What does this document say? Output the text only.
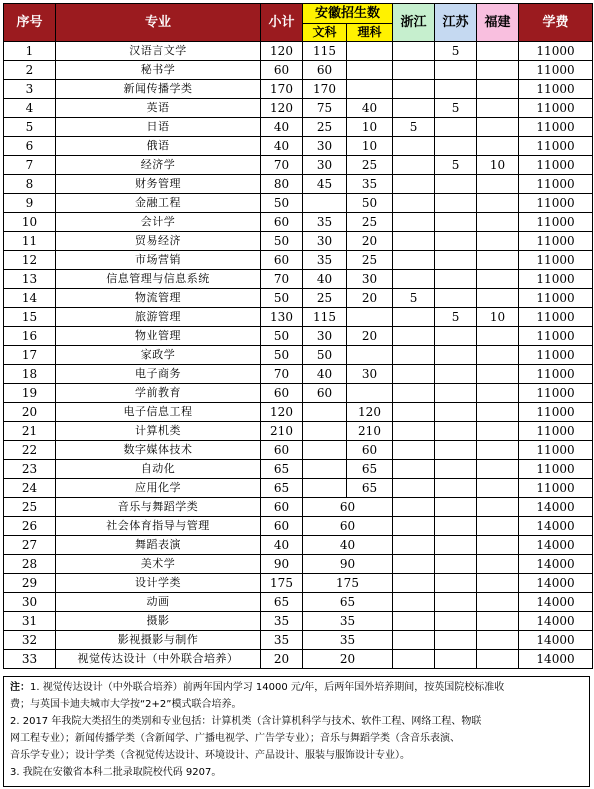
序号	专业	小计	安徽招生数		浙江	江苏	福建	学费
			文科	理科				
1	汉语言文学	120	115			5		11000
2	秘书学	60	60					11000
3	新闻传播学类	170	170					11000
4	英语	120	75	40		5		11000
5	日语	40	25	10	5			11000
6	俄语	40	30	10				11000
7	经济学	70	30	25		5	10	11000
8	财务管理	80	45	35				11000
9	金融工程	50		50				11000
10	会计学	60	35	25				11000
11	贸易经济	50	30	20				11000
12	市场营销	60	35	25				11000
13	信息管理与信息系统	70	40	30				11000
14	物流管理	50	25	20	5			11000
15	旅游管理	130	115			5	10	11000
16	物业管理	50	30	20				11000
17	家政学	50	50					11000
18	电子商务	70	40	30				11000
19	学前教育	60	60					11000
20	电子信息工程	120		120				11000
21	计算机类	210		210				11000
22	数字媒体技术	60		60				11000
23	自动化	65		65				11000
24	应用化学	65		65				11000
25	音乐与舞蹈学类	60	60					14000
26	社会体育指导与管理	60	60					14000
27	舞蹈表演	40	40					14000
28	美术学	90	90					14000
29	设计学类	175	175					14000
30	动画	65	65					14000
31	摄影	35	35					14000
32	影视摄影与制作	35	35					14000
33	视觉传达设计（中外联合培养）	20	20					14000

注：1. 视觉传达设计（中外联合培养）前两年国内学习 14000 元/年，后两年国外培养期间，按英国院校标准收

费；与英国卡迪夫城市大学按“2+2”模式联合培养。

2. 2017 年我院大类招生的类别和专业包括：计算机类（含计算机科学与技术、软件工程、网络工程、物联

网工程专业）；新闻传播学类（含新闻学、广播电视学、广告学专业）；音乐与舞蹈学类（含音乐表演、

音乐学专业）；设计学类（含视觉传达设计、环境设计、产品设计、服装与服饰设计专业）。

3. 我院在安徽省本科二批录取院校代码 9207。
